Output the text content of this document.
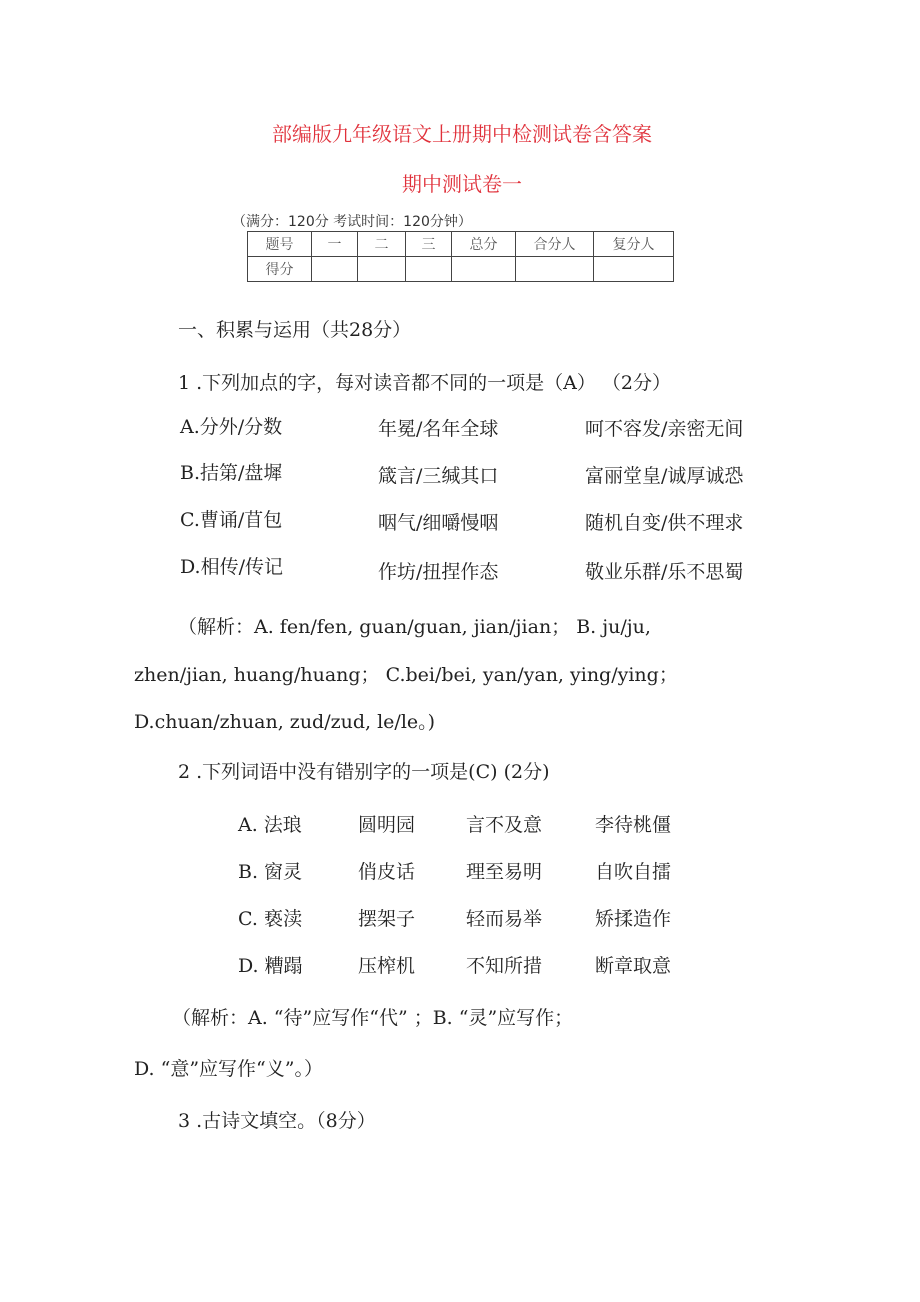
部编版九年级语文上册期中检测试卷含答案
期中测试卷一
（满分：120分 考试时间：120分钟）
题号	一	二	三	总分	合分人	复分人
得分						
一、积累与运用（共28分）
1 .下列加点的字，每对读音都不同的一项是（A） （2分）
A.分外/分数	年冕/名年全球	呵不容发/亲密无间
B.拮第/盘墀	箴言/三缄其口	富丽堂皇/诚厚诚恐
C.曹诵/苜包	咽气/细嚼慢咽	随机自变/供不理求
D.相传/传记	作坊/扭捏作态	敬业乐群/乐不思蜀
（解析：A. fen/fen, guan/guan, jian/jian； B. ju/ju,
zhen/jian, huang/huang； C.bei/bei, yan/yan, ying/ying；
D.chuan/zhuan, zud/zud, le/le。)
2 .下列词语中没有错别字的一项是(C) (2分)
A. 法琅	圆明园	言不及意	李待桃僵
B. 窗灵	俏皮话	理至易明	自吹自擂
C. 亵渎	摆架子	轻而易举	矫揉造作
D. 糟蹋	压榨机	不知所措	断章取意
（解析：A. “待”应写作“代” ；B. “灵”应写作；
D. “意”应写作“义”。）
3 .古诗文填空。（8分）
